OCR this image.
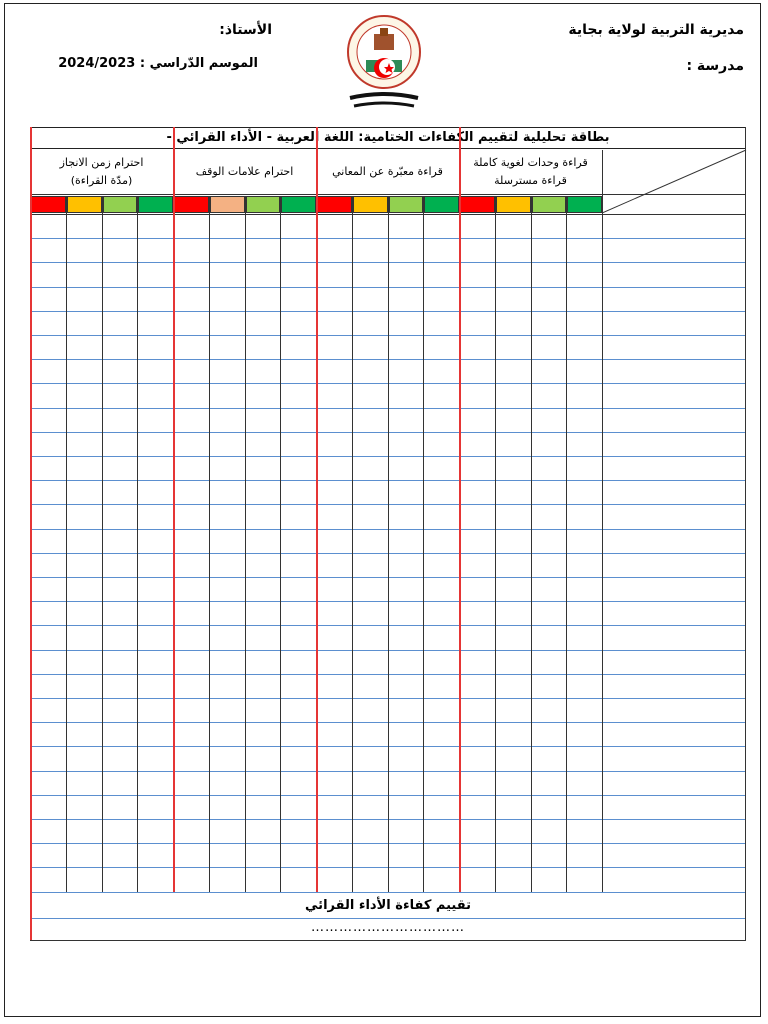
مديرية التربية لولاية بجاية
مدرسة :
الأستاذ:
الموسم الدّراسي : 2024/2023
بطاقة تحليلية لتقييم الكفاءات الختامية: اللغة العربية - الأداء القرائي -
قراءة وحدات لغوية كاملة
قراءة مسترسلة
قراءة معبّرة عن المعاني
احترام علامات الوقف
احترام زمن الانجاز
(مدّة القراءة)
تقييم كفاءة الأداء القرائي
……………………………
